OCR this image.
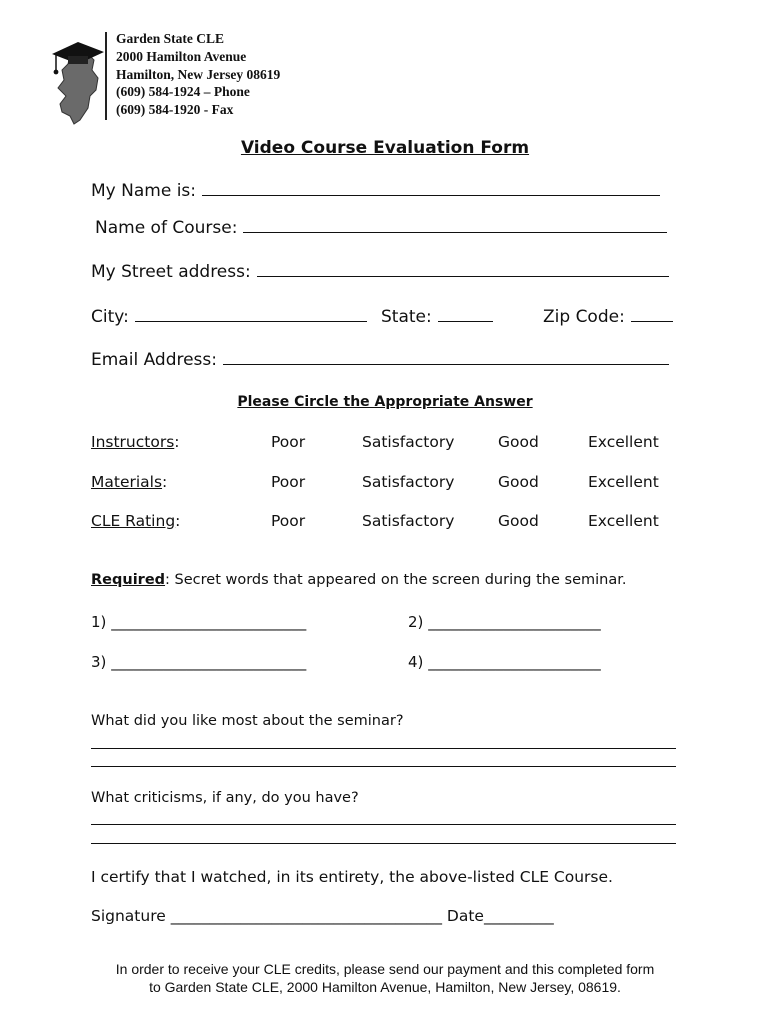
Garden State CLE
2000 Hamilton Avenue
Hamilton, New Jersey 08619
(609) 584-1924 – Phone
(609) 584-1920 - Fax
Video Course Evaluation Form
My Name is:
Name of Course:
My Street address:
City:	State:	Zip Code:
Email Address:
Please Circle the Appropriate Answer
Instructors:	Poor	Satisfactory	Good	Excellent
Materials:	Poor	Satisfactory	Good	Excellent
CLE Rating:	Poor	Satisfactory	Good	Excellent
Required: Secret words that appeared on the screen during the seminar.
1) __________________________	2) _______________________
3) __________________________	4) _______________________
What did you like most about the seminar?
What criticisms, if any, do you have?
I certify that I watched, in its entirety, the above-listed CLE Course.
Signature ___________________________________ Date_________
In order to receive your CLE credits, please send our payment and this completed form
to Garden State CLE, 2000 Hamilton Avenue, Hamilton, New Jersey, 08619.
